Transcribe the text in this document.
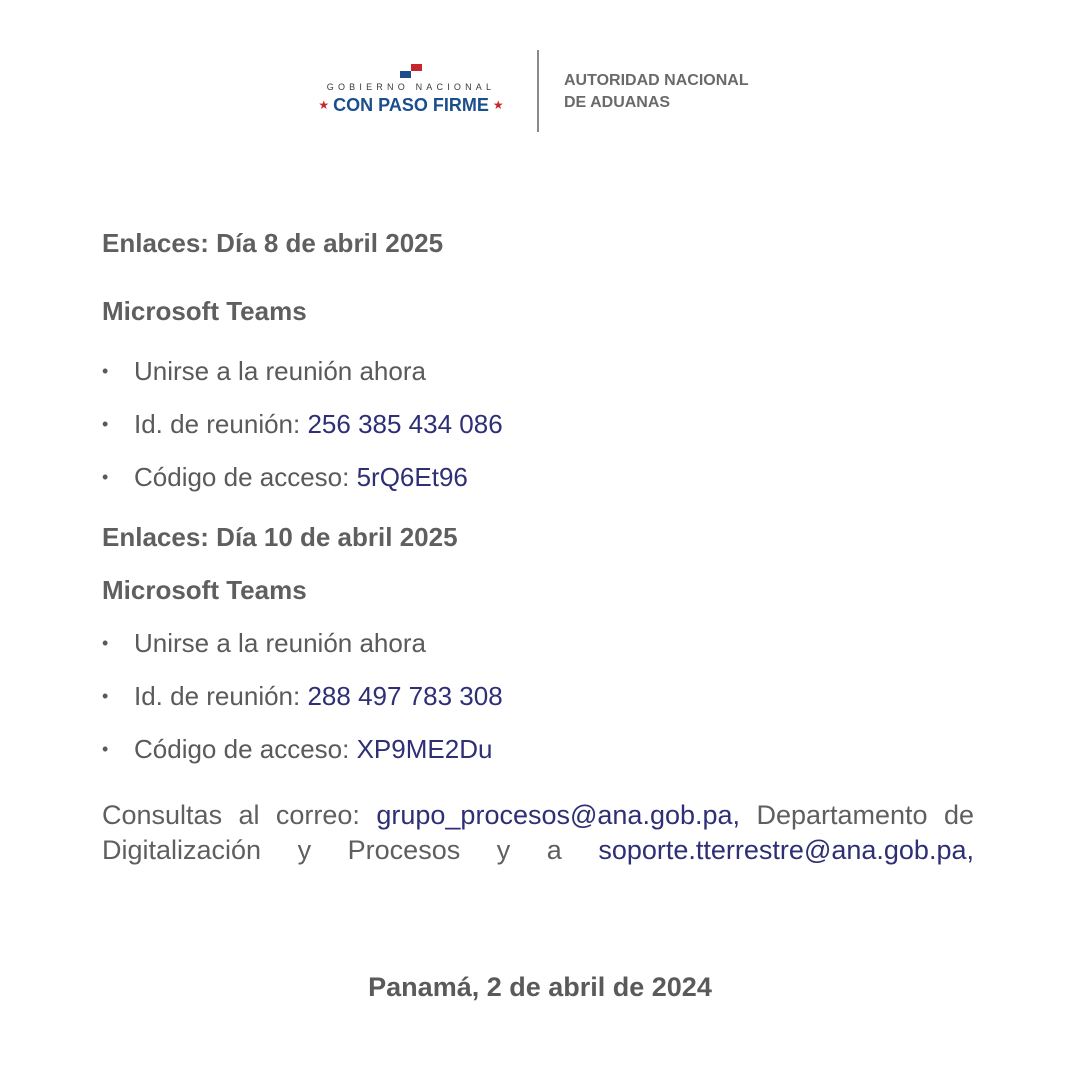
GOBIERNO NACIONAL
★ CON PASO FIRME ★
AUTORIDAD NACIONAL
DE ADUANAS
Enlaces: Día 8 de abril 2025
Microsoft Teams
• Unirse a la reunión ahora
• Id. de reunión: 256 385 434 086
• Código de acceso: 5rQ6Et96
Enlaces: Día 10 de abril 2025
Microsoft Teams
• Unirse a la reunión ahora
• Id. de reunión: 288 497 783 308
• Código de acceso: XP9ME2Du

Consultas al correo: grupo_procesos@ana.gob.pa, Departamento de Digitalización y Procesos y a soporte.tterrestre@ana.gob.pa,

Panamá, 2 de abril de 2024
